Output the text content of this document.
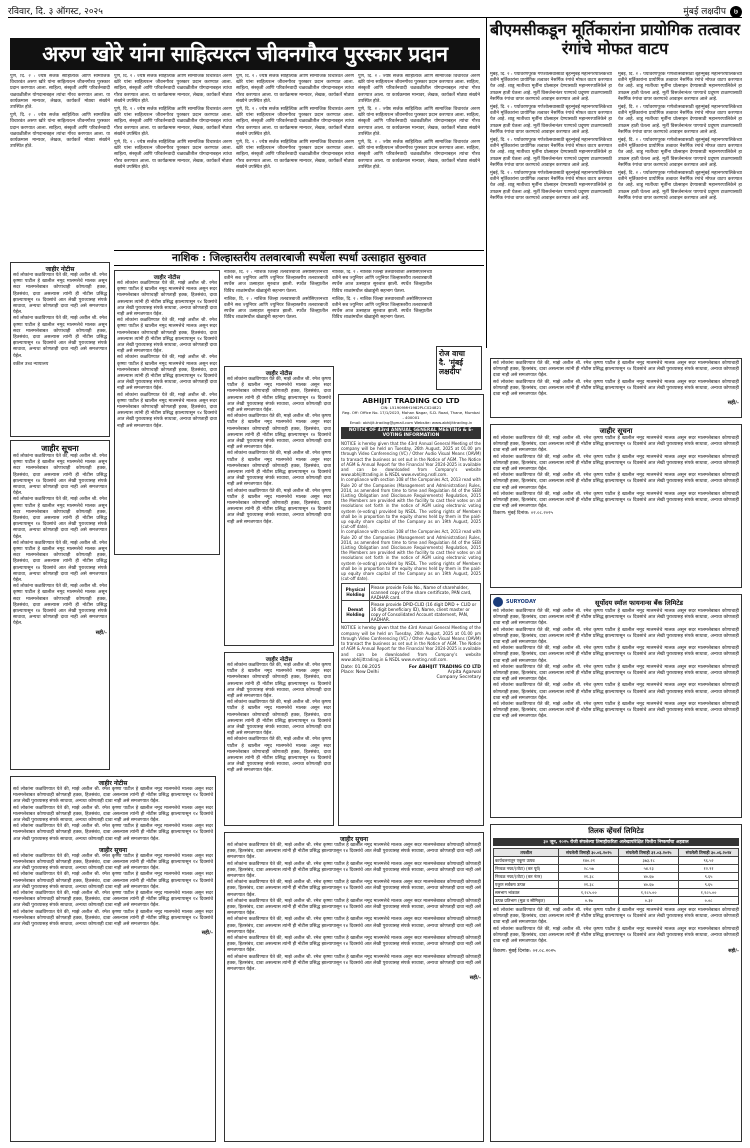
रविवार, दि. ३ ऑगस्ट, २०२५	मुंबई लक्षदीप ७
अरुण खोरे यांना साहित्यरत्न जीवनगौरव पुरस्कार प्रदान
बीएमसीकडून मूर्तिकारांना प्रायोगिक तत्वावर रंगांचे मोफत वाटप

पुणे, दि. २ : ज्येष्ठ सर्जक साहित्यिक आणि सामाजिक विचारवंत अरुण खोरे यांना साहित्यरत्न जीवनगौरव पुरस्कार प्रदान करण्यात आला. साहित्य, संस्कृती आणि परिवर्तनवादी चळवळीतील योगदानाबद्दल त्यांचा गौरव करण्यात आला. या कार्यक्रमास मान्यवर, लेखक, कार्यकर्ते मोठ्या संख्येने उपस्थित होते.

पुणे, दि. २ : ज्येष्ठ सर्जक साहित्यिक आणि सामाजिक विचारवंत अरुण खोरे यांना साहित्यरत्न जीवनगौरव पुरस्कार प्रदान करण्यात आला. साहित्य, संस्कृती आणि परिवर्तनवादी चळवळीतील योगदानाबद्दल त्यांचा गौरव करण्यात आला. या कार्यक्रमास मान्यवर, लेखक, कार्यकर्ते मोठ्या संख्येने उपस्थित होते.

पुणे, दि. २ : ज्येष्ठ सर्जक साहित्यिक आणि सामाजिक विचारवंत अरुण खोरे यांना साहित्यरत्न जीवनगौरव पुरस्कार प्रदान करण्यात आला. साहित्य, संस्कृती आणि परिवर्तनवादी चळवळीतील योगदानाबद्दल त्यांचा गौरव करण्यात आला. या कार्यक्रमास मान्यवर, लेखक, कार्यकर्ते मोठ्या संख्येने उपस्थित होते.

पुणे, दि. २ : ज्येष्ठ सर्जक साहित्यिक आणि सामाजिक विचारवंत अरुण खोरे यांना साहित्यरत्न जीवनगौरव पुरस्कार प्रदान करण्यात आला. साहित्य, संस्कृती आणि परिवर्तनवादी चळवळीतील योगदानाबद्दल त्यांचा गौरव करण्यात आला. या कार्यक्रमास मान्यवर, लेखक, कार्यकर्ते मोठ्या संख्येने उपस्थित होते.

पुणे, दि. २ : ज्येष्ठ सर्जक साहित्यिक आणि सामाजिक विचारवंत अरुण खोरे यांना साहित्यरत्न जीवनगौरव पुरस्कार प्रदान करण्यात आला. साहित्य, संस्कृती आणि परिवर्तनवादी चळवळीतील योगदानाबद्दल त्यांचा गौरव करण्यात आला. या कार्यक्रमास मान्यवर, लेखक, कार्यकर्ते मोठ्या संख्येने उपस्थित होते.

पुणे, दि. २ : ज्येष्ठ सर्जक साहित्यिक आणि सामाजिक विचारवंत अरुण खोरे यांना साहित्यरत्न जीवनगौरव पुरस्कार प्रदान करण्यात आला. साहित्य, संस्कृती आणि परिवर्तनवादी चळवळीतील योगदानाबद्दल त्यांचा गौरव करण्यात आला. या कार्यक्रमास मान्यवर, लेखक, कार्यकर्ते मोठ्या संख्येने उपस्थित होते.

पुणे, दि. २ : ज्येष्ठ सर्जक साहित्यिक आणि सामाजिक विचारवंत अरुण खोरे यांना साहित्यरत्न जीवनगौरव पुरस्कार प्रदान करण्यात आला. साहित्य, संस्कृती आणि परिवर्तनवादी चळवळीतील योगदानाबद्दल त्यांचा गौरव करण्यात आला. या कार्यक्रमास मान्यवर, लेखक, कार्यकर्ते मोठ्या संख्येने उपस्थित होते.

पुणे, दि. २ : ज्येष्ठ सर्जक साहित्यिक आणि सामाजिक विचारवंत अरुण खोरे यांना साहित्यरत्न जीवनगौरव पुरस्कार प्रदान करण्यात आला. साहित्य, संस्कृती आणि परिवर्तनवादी चळवळीतील योगदानाबद्दल त्यांचा गौरव करण्यात आला. या कार्यक्रमास मान्यवर, लेखक, कार्यकर्ते मोठ्या संख्येने उपस्थित होते.

पुणे, दि. २ : ज्येष्ठ सर्जक साहित्यिक आणि सामाजिक विचारवंत अरुण खोरे यांना साहित्यरत्न जीवनगौरव पुरस्कार प्रदान करण्यात आला. साहित्य, संस्कृती आणि परिवर्तनवादी चळवळीतील योगदानाबद्दल त्यांचा गौरव करण्यात आला. या कार्यक्रमास मान्यवर, लेखक, कार्यकर्ते मोठ्या संख्येने उपस्थित होते.

पुणे, दि. २ : ज्येष्ठ सर्जक साहित्यिक आणि सामाजिक विचारवंत अरुण खोरे यांना साहित्यरत्न जीवनगौरव पुरस्कार प्रदान करण्यात आला. साहित्य, संस्कृती आणि परिवर्तनवादी चळवळीतील योगदानाबद्दल त्यांचा गौरव करण्यात आला. या कार्यक्रमास मान्यवर, लेखक, कार्यकर्ते मोठ्या संख्येने उपस्थित होते.

पुणे, दि. २ : ज्येष्ठ सर्जक साहित्यिक आणि सामाजिक विचारवंत अरुण खोरे यांना साहित्यरत्न जीवनगौरव पुरस्कार प्रदान करण्यात आला. साहित्य, संस्कृती आणि परिवर्तनवादी चळवळीतील योगदानाबद्दल त्यांचा गौरव करण्यात आला. या कार्यक्रमास मान्यवर, लेखक, कार्यकर्ते मोठ्या संख्येने उपस्थित होते.

मुंबई, दि. २ : पर्यावरणपूरक गणेशोत्सवासाठी बृहन्मुंबई महानगरपालिकेच्या वतीने मूर्तिकारांना प्रायोगिक तत्वावर नैसर्गिक रंगांचे मोफत वाटप करण्यात येत आहे. शाडू मातीच्या मूर्तींना प्रोत्साहन देण्यासाठी महानगरपालिकेने हा उपक्रम हाती घेतला आहे. मूर्ती विसर्जनानंतर पाण्याचे प्रदूषण टाळण्यासाठी नैसर्गिक रंगांचा वापर करण्याचे आवाहन करण्यात आले आहे.

मुंबई, दि. २ : पर्यावरणपूरक गणेशोत्सवासाठी बृहन्मुंबई महानगरपालिकेच्या वतीने मूर्तिकारांना प्रायोगिक तत्वावर नैसर्गिक रंगांचे मोफत वाटप करण्यात येत आहे. शाडू मातीच्या मूर्तींना प्रोत्साहन देण्यासाठी महानगरपालिकेने हा उपक्रम हाती घेतला आहे. मूर्ती विसर्जनानंतर पाण्याचे प्रदूषण टाळण्यासाठी नैसर्गिक रंगांचा वापर करण्याचे आवाहन करण्यात आले आहे.

मुंबई, दि. २ : पर्यावरणपूरक गणेशोत्सवासाठी बृहन्मुंबई महानगरपालिकेच्या वतीने मूर्तिकारांना प्रायोगिक तत्वावर नैसर्गिक रंगांचे मोफत वाटप करण्यात येत आहे. शाडू मातीच्या मूर्तींना प्रोत्साहन देण्यासाठी महानगरपालिकेने हा उपक्रम हाती घेतला आहे. मूर्ती विसर्जनानंतर पाण्याचे प्रदूषण टाळण्यासाठी नैसर्गिक रंगांचा वापर करण्याचे आवाहन करण्यात आले आहे.

मुंबई, दि. २ : पर्यावरणपूरक गणेशोत्सवासाठी बृहन्मुंबई महानगरपालिकेच्या वतीने मूर्तिकारांना प्रायोगिक तत्वावर नैसर्गिक रंगांचे मोफत वाटप करण्यात येत आहे. शाडू मातीच्या मूर्तींना प्रोत्साहन देण्यासाठी महानगरपालिकेने हा उपक्रम हाती घेतला आहे. मूर्ती विसर्जनानंतर पाण्याचे प्रदूषण टाळण्यासाठी नैसर्गिक रंगांचा वापर करण्याचे आवाहन करण्यात आले आहे.

मुंबई, दि. २ : पर्यावरणपूरक गणेशोत्सवासाठी बृहन्मुंबई महानगरपालिकेच्या वतीने मूर्तिकारांना प्रायोगिक तत्वावर नैसर्गिक रंगांचे मोफत वाटप करण्यात येत आहे. शाडू मातीच्या मूर्तींना प्रोत्साहन देण्यासाठी महानगरपालिकेने हा उपक्रम हाती घेतला आहे. मूर्ती विसर्जनानंतर पाण्याचे प्रदूषण टाळण्यासाठी नैसर्गिक रंगांचा वापर करण्याचे आवाहन करण्यात आले आहे.

मुंबई, दि. २ : पर्यावरणपूरक गणेशोत्सवासाठी बृहन्मुंबई महानगरपालिकेच्या वतीने मूर्तिकारांना प्रायोगिक तत्वावर नैसर्गिक रंगांचे मोफत वाटप करण्यात येत आहे. शाडू मातीच्या मूर्तींना प्रोत्साहन देण्यासाठी महानगरपालिकेने हा उपक्रम हाती घेतला आहे. मूर्ती विसर्जनानंतर पाण्याचे प्रदूषण टाळण्यासाठी नैसर्गिक रंगांचा वापर करण्याचे आवाहन करण्यात आले आहे.

मुंबई, दि. २ : पर्यावरणपूरक गणेशोत्सवासाठी बृहन्मुंबई महानगरपालिकेच्या वतीने मूर्तिकारांना प्रायोगिक तत्वावर नैसर्गिक रंगांचे मोफत वाटप करण्यात येत आहे. शाडू मातीच्या मूर्तींना प्रोत्साहन देण्यासाठी महानगरपालिकेने हा उपक्रम हाती घेतला आहे. मूर्ती विसर्जनानंतर पाण्याचे प्रदूषण टाळण्यासाठी नैसर्गिक रंगांचा वापर करण्याचे आवाहन करण्यात आले आहे.

मुंबई, दि. २ : पर्यावरणपूरक गणेशोत्सवासाठी बृहन्मुंबई महानगरपालिकेच्या वतीने मूर्तिकारांना प्रायोगिक तत्वावर नैसर्गिक रंगांचे मोफत वाटप करण्यात येत आहे. शाडू मातीच्या मूर्तींना प्रोत्साहन देण्यासाठी महानगरपालिकेने हा उपक्रम हाती घेतला आहे. मूर्ती विसर्जनानंतर पाण्याचे प्रदूषण टाळण्यासाठी नैसर्गिक रंगांचा वापर करण्याचे आवाहन करण्यात आले आहे.

जाहीर नोटीस
सर्व लोकांना कळविण्यात येते की, माझे अशील श्री. रमेश कृष्णा पाटील हे खालील नमूद मालमत्तेचे मालक असून सदर मालमत्तेबाबत कोणाचाही कोणताही हक्क, हितसंबंध, दावा असल्यास त्यांनी ही नोटीस प्रसिद्ध झाल्यापासून १४ दिवसांचे आत लेखी पुराव्यासह संपर्क साधावा, अन्यथा कोणताही दावा नाही असे समजण्यात येईल.
सर्व लोकांना कळविण्यात येते की, माझे अशील श्री. रमेश कृष्णा पाटील हे खालील नमूद मालमत्तेचे मालक असून सदर मालमत्तेबाबत कोणाचाही कोणताही हक्क, हितसंबंध, दावा असल्यास त्यांनी ही नोटीस प्रसिद्ध झाल्यापासून १४ दिवसांचे आत लेखी पुराव्यासह संपर्क साधावा, अन्यथा कोणताही दावा नाही असे समजण्यात येईल.
वकील उच्च न्यायालय
जाहीर सूचना
सर्व लोकांना कळविण्यात येते की, माझे अशील श्री. रमेश कृष्णा पाटील हे खालील नमूद मालमत्तेचे मालक असून सदर मालमत्तेबाबत कोणाचाही कोणताही हक्क, हितसंबंध, दावा असल्यास त्यांनी ही नोटीस प्रसिद्ध झाल्यापासून १४ दिवसांचे आत लेखी पुराव्यासह संपर्क साधावा, अन्यथा कोणताही दावा नाही असे समजण्यात येईल.
सर्व लोकांना कळविण्यात येते की, माझे अशील श्री. रमेश कृष्णा पाटील हे खालील नमूद मालमत्तेचे मालक असून सदर मालमत्तेबाबत कोणाचाही कोणताही हक्क, हितसंबंध, दावा असल्यास त्यांनी ही नोटीस प्रसिद्ध झाल्यापासून १४ दिवसांचे आत लेखी पुराव्यासह संपर्क साधावा, अन्यथा कोणताही दावा नाही असे समजण्यात येईल.
सर्व लोकांना कळविण्यात येते की, माझे अशील श्री. रमेश कृष्णा पाटील हे खालील नमूद मालमत्तेचे मालक असून सदर मालमत्तेबाबत कोणाचाही कोणताही हक्क, हितसंबंध, दावा असल्यास त्यांनी ही नोटीस प्रसिद्ध झाल्यापासून १४ दिवसांचे आत लेखी पुराव्यासह संपर्क साधावा, अन्यथा कोणताही दावा नाही असे समजण्यात येईल.
सर्व लोकांना कळविण्यात येते की, माझे अशील श्री. रमेश कृष्णा पाटील हे खालील नमूद मालमत्तेचे मालक असून सदर मालमत्तेबाबत कोणाचाही कोणताही हक्क, हितसंबंध, दावा असल्यास त्यांनी ही नोटीस प्रसिद्ध झाल्यापासून १४ दिवसांचे आत लेखी पुराव्यासह संपर्क साधावा, अन्यथा कोणताही दावा नाही असे समजण्यात येईल.
सही/-
नाशिक : जिल्हास्तरीय तलवारबाजी स्पर्धेला स्पर्धा उत्साहात सुरुवात

नाशिक, दि. २ : नाशिक जिल्हा तलवारबाजी असोसिएशनच्या वतीने सब ज्युनियर आणि ज्युनियर जिल्हास्तरीय तलवारबाजी स्पर्धेस आज उत्साहात सुरुवात झाली. स्पर्धेत जिल्ह्यातील विविध शाळांमधील खेळाडूंनी सहभाग घेतला.

नाशिक, दि. २ : नाशिक जिल्हा तलवारबाजी असोसिएशनच्या वतीने सब ज्युनियर आणि ज्युनियर जिल्हास्तरीय तलवारबाजी स्पर्धेस आज उत्साहात सुरुवात झाली. स्पर्धेत जिल्ह्यातील विविध शाळांमधील खेळाडूंनी सहभाग घेतला.

नाशिक, दि. २ : नाशिक जिल्हा तलवारबाजी असोसिएशनच्या वतीने सब ज्युनियर आणि ज्युनियर जिल्हास्तरीय तलवारबाजी स्पर्धेस आज उत्साहात सुरुवात झाली. स्पर्धेत जिल्ह्यातील विविध शाळांमधील खेळाडूंनी सहभाग घेतला.

नाशिक, दि. २ : नाशिक जिल्हा तलवारबाजी असोसिएशनच्या वतीने सब ज्युनियर आणि ज्युनियर जिल्हास्तरीय तलवारबाजी स्पर्धेस आज उत्साहात सुरुवात झाली. स्पर्धेत जिल्ह्यातील विविध शाळांमधील खेळाडूंनी सहभाग घेतला.

रोज वाचा
दै. 'मुंबई
लक्षदीप'
जाहीर नोटीस
सर्व लोकांना कळविण्यात येते की, माझे अशील श्री. रमेश कृष्णा पाटील हे खालील नमूद मालमत्तेचे मालक असून सदर मालमत्तेबाबत कोणाचाही कोणताही हक्क, हितसंबंध, दावा असल्यास त्यांनी ही नोटीस प्रसिद्ध झाल्यापासून १४ दिवसांचे आत लेखी पुराव्यासह संपर्क साधावा, अन्यथा कोणताही दावा नाही असे समजण्यात येईल.
सर्व लोकांना कळविण्यात येते की, माझे अशील श्री. रमेश कृष्णा पाटील हे खालील नमूद मालमत्तेचे मालक असून सदर मालमत्तेबाबत कोणाचाही कोणताही हक्क, हितसंबंध, दावा असल्यास त्यांनी ही नोटीस प्रसिद्ध झाल्यापासून १४ दिवसांचे आत लेखी पुराव्यासह संपर्क साधावा, अन्यथा कोणताही दावा नाही असे समजण्यात येईल.
सर्व लोकांना कळविण्यात येते की, माझे अशील श्री. रमेश कृष्णा पाटील हे खालील नमूद मालमत्तेचे मालक असून सदर मालमत्तेबाबत कोणाचाही कोणताही हक्क, हितसंबंध, दावा असल्यास त्यांनी ही नोटीस प्रसिद्ध झाल्यापासून १४ दिवसांचे आत लेखी पुराव्यासह संपर्क साधावा, अन्यथा कोणताही दावा नाही असे समजण्यात येईल.
सर्व लोकांना कळविण्यात येते की, माझे अशील श्री. रमेश कृष्णा पाटील हे खालील नमूद मालमत्तेचे मालक असून सदर मालमत्तेबाबत कोणाचाही कोणताही हक्क, हितसंबंध, दावा असल्यास त्यांनी ही नोटीस प्रसिद्ध झाल्यापासून १४ दिवसांचे आत लेखी पुराव्यासह संपर्क साधावा, अन्यथा कोणताही दावा नाही असे समजण्यात येईल.
जाहीर नोटीस
सर्व लोकांना कळविण्यात येते की, माझे अशील श्री. रमेश कृष्णा पाटील हे खालील नमूद मालमत्तेचे मालक असून सदर मालमत्तेबाबत कोणाचाही कोणताही हक्क, हितसंबंध, दावा असल्यास त्यांनी ही नोटीस प्रसिद्ध झाल्यापासून १४ दिवसांचे आत लेखी पुराव्यासह संपर्क साधावा, अन्यथा कोणताही दावा नाही असे समजण्यात येईल.
सर्व लोकांना कळविण्यात येते की, माझे अशील श्री. रमेश कृष्णा पाटील हे खालील नमूद मालमत्तेचे मालक असून सदर मालमत्तेबाबत कोणाचाही कोणताही हक्क, हितसंबंध, दावा असल्यास त्यांनी ही नोटीस प्रसिद्ध झाल्यापासून १४ दिवसांचे आत लेखी पुराव्यासह संपर्क साधावा, अन्यथा कोणताही दावा नाही असे समजण्यात येईल.
सर्व लोकांना कळविण्यात येते की, माझे अशील श्री. रमेश कृष्णा पाटील हे खालील नमूद मालमत्तेचे मालक असून सदर मालमत्तेबाबत कोणाचाही कोणताही हक्क, हितसंबंध, दावा असल्यास त्यांनी ही नोटीस प्रसिद्ध झाल्यापासून १४ दिवसांचे आत लेखी पुराव्यासह संपर्क साधावा, अन्यथा कोणताही दावा नाही असे समजण्यात येईल.
सर्व लोकांना कळविण्यात येते की, माझे अशील श्री. रमेश कृष्णा पाटील हे खालील नमूद मालमत्तेचे मालक असून सदर मालमत्तेबाबत कोणाचाही कोणताही हक्क, हितसंबंध, दावा असल्यास त्यांनी ही नोटीस प्रसिद्ध झाल्यापासून १४ दिवसांचे आत लेखी पुराव्यासह संपर्क साधावा, अन्यथा कोणताही दावा नाही असे समजण्यात येईल.
ABHIJIT TRADING CO LTD
CIN: L51909MH1982PLC024821
Reg. Off: Office No. 17/1/2023, Mohan Nagar, S.D. Road, Thane, Mumbai - 400001
Email: abhijit.trading@gmail.com Website: www.abhijittrading.in
NOTICE OF 43rd ANNUAL GENERAL MEETING & E-VOTING INFORMATION
NOTICE is hereby given that the 43rd Annual General Meeting of the company will be held on Tuesday, 26th August, 2025 at 01.00 pm through Video Conferencing (VC) / Other Audio Visual Means (OAVM) to transact the business as set out in the Notice of AGM. The Notice of AGM & Annual Report for the Financial Year 2024-2025 is available and can be downloaded from Company's website www.abhijittrading.in & NSDL www.evoting.nsdl.com.
In compliance with section 108 of the Companies Act, 2013 read with Rule 20 of the Companies (Management and Administration) Rules, 2014, as amended from time to time and Regulation 44 of the SEBI (Listing Obligation and Disclosure Requirements) Regulation, 2015 the Members are provided with the facility to cast their votes on all resolutions set forth in the notice of AGM using electronic voting system (e-voting) provided by NSDL. The voting rights of Members shall be in proportion to the equity shares held by them in the paid-up equity share capital of the Company as on 19th August, 2025 (cut-off date).
In compliance with section 108 of the Companies Act, 2013 read with Rule 20 of the Companies (Management and Administration) Rules, 2014, as amended from time to time and Regulation 44 of the SEBI (Listing Obligation and Disclosure Requirements) Regulation, 2015 the Members are provided with the facility to cast their votes on all resolutions set forth in the notice of AGM using electronic voting system (e-voting) provided by NSDL. The voting rights of Members shall be in proportion to the equity shares held by them in the paid-up equity share capital of the Company as on 19th August, 2025 (cut-off date).
Physical Holding	Please provide Folio No., Name of shareholder, scanned copy of the share certificate, PAN card, AADHAR card.
Demat Holding	Please provide DPID-CLID (16 digit DPID + CLID or 16 digit beneficiary ID), Name, client master or copy of Consolidated Account statement, PAN, AADHAR.
NOTICE is hereby given that the 43rd Annual General Meeting of the company will be held on Tuesday, 26th August, 2025 at 01.00 pm through Video Conferencing (VC) / Other Audio Visual Means (OAVM) to transact the business as set out in the Notice of AGM. The Notice of AGM & Annual Report for the Financial Year 2024-2025 is available and can be downloaded from Company's website www.abhijittrading.in & NSDL www.evoting.nsdl.com.
Date: 01.08.2025
Place: New Delhi
For ABHIJIT TRADING CO LTD
Arpita Agarwal
Company Secretary
सर्व लोकांना कळविण्यात येते की, माझे अशील श्री. रमेश कृष्णा पाटील हे खालील नमूद मालमत्तेचे मालक असून सदर मालमत्तेबाबत कोणाचाही कोणताही हक्क, हितसंबंध, दावा असल्यास त्यांनी ही नोटीस प्रसिद्ध झाल्यापासून १४ दिवसांचे आत लेखी पुराव्यासह संपर्क साधावा, अन्यथा कोणताही दावा नाही असे समजण्यात येईल.
सर्व लोकांना कळविण्यात येते की, माझे अशील श्री. रमेश कृष्णा पाटील हे खालील नमूद मालमत्तेचे मालक असून सदर मालमत्तेबाबत कोणाचाही कोणताही हक्क, हितसंबंध, दावा असल्यास त्यांनी ही नोटीस प्रसिद्ध झाल्यापासून १४ दिवसांचे आत लेखी पुराव्यासह संपर्क साधावा, अन्यथा कोणताही दावा नाही असे समजण्यात येईल.
सही/-
जाहीर सूचना
सर्व लोकांना कळविण्यात येते की, माझे अशील श्री. रमेश कृष्णा पाटील हे खालील नमूद मालमत्तेचे मालक असून सदर मालमत्तेबाबत कोणाचाही कोणताही हक्क, हितसंबंध, दावा असल्यास त्यांनी ही नोटीस प्रसिद्ध झाल्यापासून १४ दिवसांचे आत लेखी पुराव्यासह संपर्क साधावा, अन्यथा कोणताही दावा नाही असे समजण्यात येईल.
सर्व लोकांना कळविण्यात येते की, माझे अशील श्री. रमेश कृष्णा पाटील हे खालील नमूद मालमत्तेचे मालक असून सदर मालमत्तेबाबत कोणाचाही कोणताही हक्क, हितसंबंध, दावा असल्यास त्यांनी ही नोटीस प्रसिद्ध झाल्यापासून १४ दिवसांचे आत लेखी पुराव्यासह संपर्क साधावा, अन्यथा कोणताही दावा नाही असे समजण्यात येईल.
सर्व लोकांना कळविण्यात येते की, माझे अशील श्री. रमेश कृष्णा पाटील हे खालील नमूद मालमत्तेचे मालक असून सदर मालमत्तेबाबत कोणाचाही कोणताही हक्क, हितसंबंध, दावा असल्यास त्यांनी ही नोटीस प्रसिद्ध झाल्यापासून १४ दिवसांचे आत लेखी पुराव्यासह संपर्क साधावा, अन्यथा कोणताही दावा नाही असे समजण्यात येईल.
सर्व लोकांना कळविण्यात येते की, माझे अशील श्री. रमेश कृष्णा पाटील हे खालील नमूद मालमत्तेचे मालक असून सदर मालमत्तेबाबत कोणाचाही कोणताही हक्क, हितसंबंध, दावा असल्यास त्यांनी ही नोटीस प्रसिद्ध झाल्यापासून १४ दिवसांचे आत लेखी पुराव्यासह संपर्क साधावा, अन्यथा कोणताही दावा नाही असे समजण्यात येईल.
ठिकाण: मुंबई दिनांक: ०२.०८.२०२५
SURYODAY	सूर्योदय स्मॉल फायनान्स बँक लिमिटेड
सर्व लोकांना कळविण्यात येते की, माझे अशील श्री. रमेश कृष्णा पाटील हे खालील नमूद मालमत्तेचे मालक असून सदर मालमत्तेबाबत कोणाचाही कोणताही हक्क, हितसंबंध, दावा असल्यास त्यांनी ही नोटीस प्रसिद्ध झाल्यापासून १४ दिवसांचे आत लेखी पुराव्यासह संपर्क साधावा, अन्यथा कोणताही दावा नाही असे समजण्यात येईल.
सर्व लोकांना कळविण्यात येते की, माझे अशील श्री. रमेश कृष्णा पाटील हे खालील नमूद मालमत्तेचे मालक असून सदर मालमत्तेबाबत कोणाचाही कोणताही हक्क, हितसंबंध, दावा असल्यास त्यांनी ही नोटीस प्रसिद्ध झाल्यापासून १४ दिवसांचे आत लेखी पुराव्यासह संपर्क साधावा, अन्यथा कोणताही दावा नाही असे समजण्यात येईल.
सर्व लोकांना कळविण्यात येते की, माझे अशील श्री. रमेश कृष्णा पाटील हे खालील नमूद मालमत्तेचे मालक असून सदर मालमत्तेबाबत कोणाचाही कोणताही हक्क, हितसंबंध, दावा असल्यास त्यांनी ही नोटीस प्रसिद्ध झाल्यापासून १४ दिवसांचे आत लेखी पुराव्यासह संपर्क साधावा, अन्यथा कोणताही दावा नाही असे समजण्यात येईल.
सर्व लोकांना कळविण्यात येते की, माझे अशील श्री. रमेश कृष्णा पाटील हे खालील नमूद मालमत्तेचे मालक असून सदर मालमत्तेबाबत कोणाचाही कोणताही हक्क, हितसंबंध, दावा असल्यास त्यांनी ही नोटीस प्रसिद्ध झाल्यापासून १४ दिवसांचे आत लेखी पुराव्यासह संपर्क साधावा, अन्यथा कोणताही दावा नाही असे समजण्यात येईल.
सर्व लोकांना कळविण्यात येते की, माझे अशील श्री. रमेश कृष्णा पाटील हे खालील नमूद मालमत्तेचे मालक असून सदर मालमत्तेबाबत कोणाचाही कोणताही हक्क, हितसंबंध, दावा असल्यास त्यांनी ही नोटीस प्रसिद्ध झाल्यापासून १४ दिवसांचे आत लेखी पुराव्यासह संपर्क साधावा, अन्यथा कोणताही दावा नाही असे समजण्यात येईल.
सर्व लोकांना कळविण्यात येते की, माझे अशील श्री. रमेश कृष्णा पाटील हे खालील नमूद मालमत्तेचे मालक असून सदर मालमत्तेबाबत कोणाचाही कोणताही हक्क, हितसंबंध, दावा असल्यास त्यांनी ही नोटीस प्रसिद्ध झाल्यापासून १४ दिवसांचे आत लेखी पुराव्यासह संपर्क साधावा, अन्यथा कोणताही दावा नाही असे समजण्यात येईल.
तिलक व्हेंचर्स लिमिटेड
३० जून, २०२५ रोजी संपलेल्या तिमाहीकरिता अलेखापरिक्षित वित्तीय निष्कर्षांचा अहवाल
तपशील	संपलेली तिमाही ३०.०६.२०२५	संपलेली तिमाही ३१.०३.२०२५	संपलेली तिमाही ३०.०६.२०२४
कार्यचलनातून एकूण उत्पन्न	१४०.२१	३७३.१८	९६.५२
निव्वळ नफा/(तोटा) (कर पूर्व)	२८.५७	५४.२३	१२.९१
निव्वळ नफा/(तोटा) (कर नंतर)	२१.३८	४०.६७	९.६५
एकूण सर्वंकष उत्पन्न	२१.३८	४०.६७	९.६५
समभाग भांडवल	१,२८५.००	१,२८५.००	१,२८५.००
उत्पन्न प्रतिभाग (मूळ व सौमिकृत)	०.१७	०.३२	०.०८
सर्व लोकांना कळविण्यात येते की, माझे अशील श्री. रमेश कृष्णा पाटील हे खालील नमूद मालमत्तेचे मालक असून सदर मालमत्तेबाबत कोणाचाही कोणताही हक्क, हितसंबंध, दावा असल्यास त्यांनी ही नोटीस प्रसिद्ध झाल्यापासून १४ दिवसांचे आत लेखी पुराव्यासह संपर्क साधावा, अन्यथा कोणताही दावा नाही असे समजण्यात येईल.
सर्व लोकांना कळविण्यात येते की, माझे अशील श्री. रमेश कृष्णा पाटील हे खालील नमूद मालमत्तेचे मालक असून सदर मालमत्तेबाबत कोणाचाही कोणताही हक्क, हितसंबंध, दावा असल्यास त्यांनी ही नोटीस प्रसिद्ध झाल्यापासून १४ दिवसांचे आत लेखी पुराव्यासह संपर्क साधावा, अन्यथा कोणताही दावा नाही असे समजण्यात येईल.
ठिकाण: मुंबई दिनांक: ०२.०८.२०२५	सही/-
जाहीर नोटीस
सर्व लोकांना कळविण्यात येते की, माझे अशील श्री. रमेश कृष्णा पाटील हे खालील नमूद मालमत्तेचे मालक असून सदर मालमत्तेबाबत कोणाचाही कोणताही हक्क, हितसंबंध, दावा असल्यास त्यांनी ही नोटीस प्रसिद्ध झाल्यापासून १४ दिवसांचे आत लेखी पुराव्यासह संपर्क साधावा, अन्यथा कोणताही दावा नाही असे समजण्यात येईल.
सर्व लोकांना कळविण्यात येते की, माझे अशील श्री. रमेश कृष्णा पाटील हे खालील नमूद मालमत्तेचे मालक असून सदर मालमत्तेबाबत कोणाचाही कोणताही हक्क, हितसंबंध, दावा असल्यास त्यांनी ही नोटीस प्रसिद्ध झाल्यापासून १४ दिवसांचे आत लेखी पुराव्यासह संपर्क साधावा, अन्यथा कोणताही दावा नाही असे समजण्यात येईल.
सर्व लोकांना कळविण्यात येते की, माझे अशील श्री. रमेश कृष्णा पाटील हे खालील नमूद मालमत्तेचे मालक असून सदर मालमत्तेबाबत कोणाचाही कोणताही हक्क, हितसंबंध, दावा असल्यास त्यांनी ही नोटीस प्रसिद्ध झाल्यापासून १४ दिवसांचे आत लेखी पुराव्यासह संपर्क साधावा, अन्यथा कोणताही दावा नाही असे समजण्यात येईल.
जाहीर सूचना
सर्व लोकांना कळविण्यात येते की, माझे अशील श्री. रमेश कृष्णा पाटील हे खालील नमूद मालमत्तेचे मालक असून सदर मालमत्तेबाबत कोणाचाही कोणताही हक्क, हितसंबंध, दावा असल्यास त्यांनी ही नोटीस प्रसिद्ध झाल्यापासून १४ दिवसांचे आत लेखी पुराव्यासह संपर्क साधावा, अन्यथा कोणताही दावा नाही असे समजण्यात येईल.
सर्व लोकांना कळविण्यात येते की, माझे अशील श्री. रमेश कृष्णा पाटील हे खालील नमूद मालमत्तेचे मालक असून सदर मालमत्तेबाबत कोणाचाही कोणताही हक्क, हितसंबंध, दावा असल्यास त्यांनी ही नोटीस प्रसिद्ध झाल्यापासून १४ दिवसांचे आत लेखी पुराव्यासह संपर्क साधावा, अन्यथा कोणताही दावा नाही असे समजण्यात येईल.
सर्व लोकांना कळविण्यात येते की, माझे अशील श्री. रमेश कृष्णा पाटील हे खालील नमूद मालमत्तेचे मालक असून सदर मालमत्तेबाबत कोणाचाही कोणताही हक्क, हितसंबंध, दावा असल्यास त्यांनी ही नोटीस प्रसिद्ध झाल्यापासून १४ दिवसांचे आत लेखी पुराव्यासह संपर्क साधावा, अन्यथा कोणताही दावा नाही असे समजण्यात येईल.
सर्व लोकांना कळविण्यात येते की, माझे अशील श्री. रमेश कृष्णा पाटील हे खालील नमूद मालमत्तेचे मालक असून सदर मालमत्तेबाबत कोणाचाही कोणताही हक्क, हितसंबंध, दावा असल्यास त्यांनी ही नोटीस प्रसिद्ध झाल्यापासून १४ दिवसांचे आत लेखी पुराव्यासह संपर्क साधावा, अन्यथा कोणताही दावा नाही असे समजण्यात येईल.
सही/-
जाहीर नोटीस
सर्व लोकांना कळविण्यात येते की, माझे अशील श्री. रमेश कृष्णा पाटील हे खालील नमूद मालमत्तेचे मालक असून सदर मालमत्तेबाबत कोणाचाही कोणताही हक्क, हितसंबंध, दावा असल्यास त्यांनी ही नोटीस प्रसिद्ध झाल्यापासून १४ दिवसांचे आत लेखी पुराव्यासह संपर्क साधावा, अन्यथा कोणताही दावा नाही असे समजण्यात येईल.
सर्व लोकांना कळविण्यात येते की, माझे अशील श्री. रमेश कृष्णा पाटील हे खालील नमूद मालमत्तेचे मालक असून सदर मालमत्तेबाबत कोणाचाही कोणताही हक्क, हितसंबंध, दावा असल्यास त्यांनी ही नोटीस प्रसिद्ध झाल्यापासून १४ दिवसांचे आत लेखी पुराव्यासह संपर्क साधावा, अन्यथा कोणताही दावा नाही असे समजण्यात येईल.
सर्व लोकांना कळविण्यात येते की, माझे अशील श्री. रमेश कृष्णा पाटील हे खालील नमूद मालमत्तेचे मालक असून सदर मालमत्तेबाबत कोणाचाही कोणताही हक्क, हितसंबंध, दावा असल्यास त्यांनी ही नोटीस प्रसिद्ध झाल्यापासून १४ दिवसांचे आत लेखी पुराव्यासह संपर्क साधावा, अन्यथा कोणताही दावा नाही असे समजण्यात येईल.
जाहीर सूचना
सर्व लोकांना कळविण्यात येते की, माझे अशील श्री. रमेश कृष्णा पाटील हे खालील नमूद मालमत्तेचे मालक असून सदर मालमत्तेबाबत कोणाचाही कोणताही हक्क, हितसंबंध, दावा असल्यास त्यांनी ही नोटीस प्रसिद्ध झाल्यापासून १४ दिवसांचे आत लेखी पुराव्यासह संपर्क साधावा, अन्यथा कोणताही दावा नाही असे समजण्यात येईल.
सर्व लोकांना कळविण्यात येते की, माझे अशील श्री. रमेश कृष्णा पाटील हे खालील नमूद मालमत्तेचे मालक असून सदर मालमत्तेबाबत कोणाचाही कोणताही हक्क, हितसंबंध, दावा असल्यास त्यांनी ही नोटीस प्रसिद्ध झाल्यापासून १४ दिवसांचे आत लेखी पुराव्यासह संपर्क साधावा, अन्यथा कोणताही दावा नाही असे समजण्यात येईल.
सर्व लोकांना कळविण्यात येते की, माझे अशील श्री. रमेश कृष्णा पाटील हे खालील नमूद मालमत्तेचे मालक असून सदर मालमत्तेबाबत कोणाचाही कोणताही हक्क, हितसंबंध, दावा असल्यास त्यांनी ही नोटीस प्रसिद्ध झाल्यापासून १४ दिवसांचे आत लेखी पुराव्यासह संपर्क साधावा, अन्यथा कोणताही दावा नाही असे समजण्यात येईल.
सर्व लोकांना कळविण्यात येते की, माझे अशील श्री. रमेश कृष्णा पाटील हे खालील नमूद मालमत्तेचे मालक असून सदर मालमत्तेबाबत कोणाचाही कोणताही हक्क, हितसंबंध, दावा असल्यास त्यांनी ही नोटीस प्रसिद्ध झाल्यापासून १४ दिवसांचे आत लेखी पुराव्यासह संपर्क साधावा, अन्यथा कोणताही दावा नाही असे समजण्यात येईल.
सर्व लोकांना कळविण्यात येते की, माझे अशील श्री. रमेश कृष्णा पाटील हे खालील नमूद मालमत्तेचे मालक असून सदर मालमत्तेबाबत कोणाचाही कोणताही हक्क, हितसंबंध, दावा असल्यास त्यांनी ही नोटीस प्रसिद्ध झाल्यापासून १४ दिवसांचे आत लेखी पुराव्यासह संपर्क साधावा, अन्यथा कोणताही दावा नाही असे समजण्यात येईल.
सर्व लोकांना कळविण्यात येते की, माझे अशील श्री. रमेश कृष्णा पाटील हे खालील नमूद मालमत्तेचे मालक असून सदर मालमत्तेबाबत कोणाचाही कोणताही हक्क, हितसंबंध, दावा असल्यास त्यांनी ही नोटीस प्रसिद्ध झाल्यापासून १४ दिवसांचे आत लेखी पुराव्यासह संपर्क साधावा, अन्यथा कोणताही दावा नाही असे समजण्यात येईल.
सर्व लोकांना कळविण्यात येते की, माझे अशील श्री. रमेश कृष्णा पाटील हे खालील नमूद मालमत्तेचे मालक असून सदर मालमत्तेबाबत कोणाचाही कोणताही हक्क, हितसंबंध, दावा असल्यास त्यांनी ही नोटीस प्रसिद्ध झाल्यापासून १४ दिवसांचे आत लेखी पुराव्यासह संपर्क साधावा, अन्यथा कोणताही दावा नाही असे समजण्यात येईल.
सही/-
